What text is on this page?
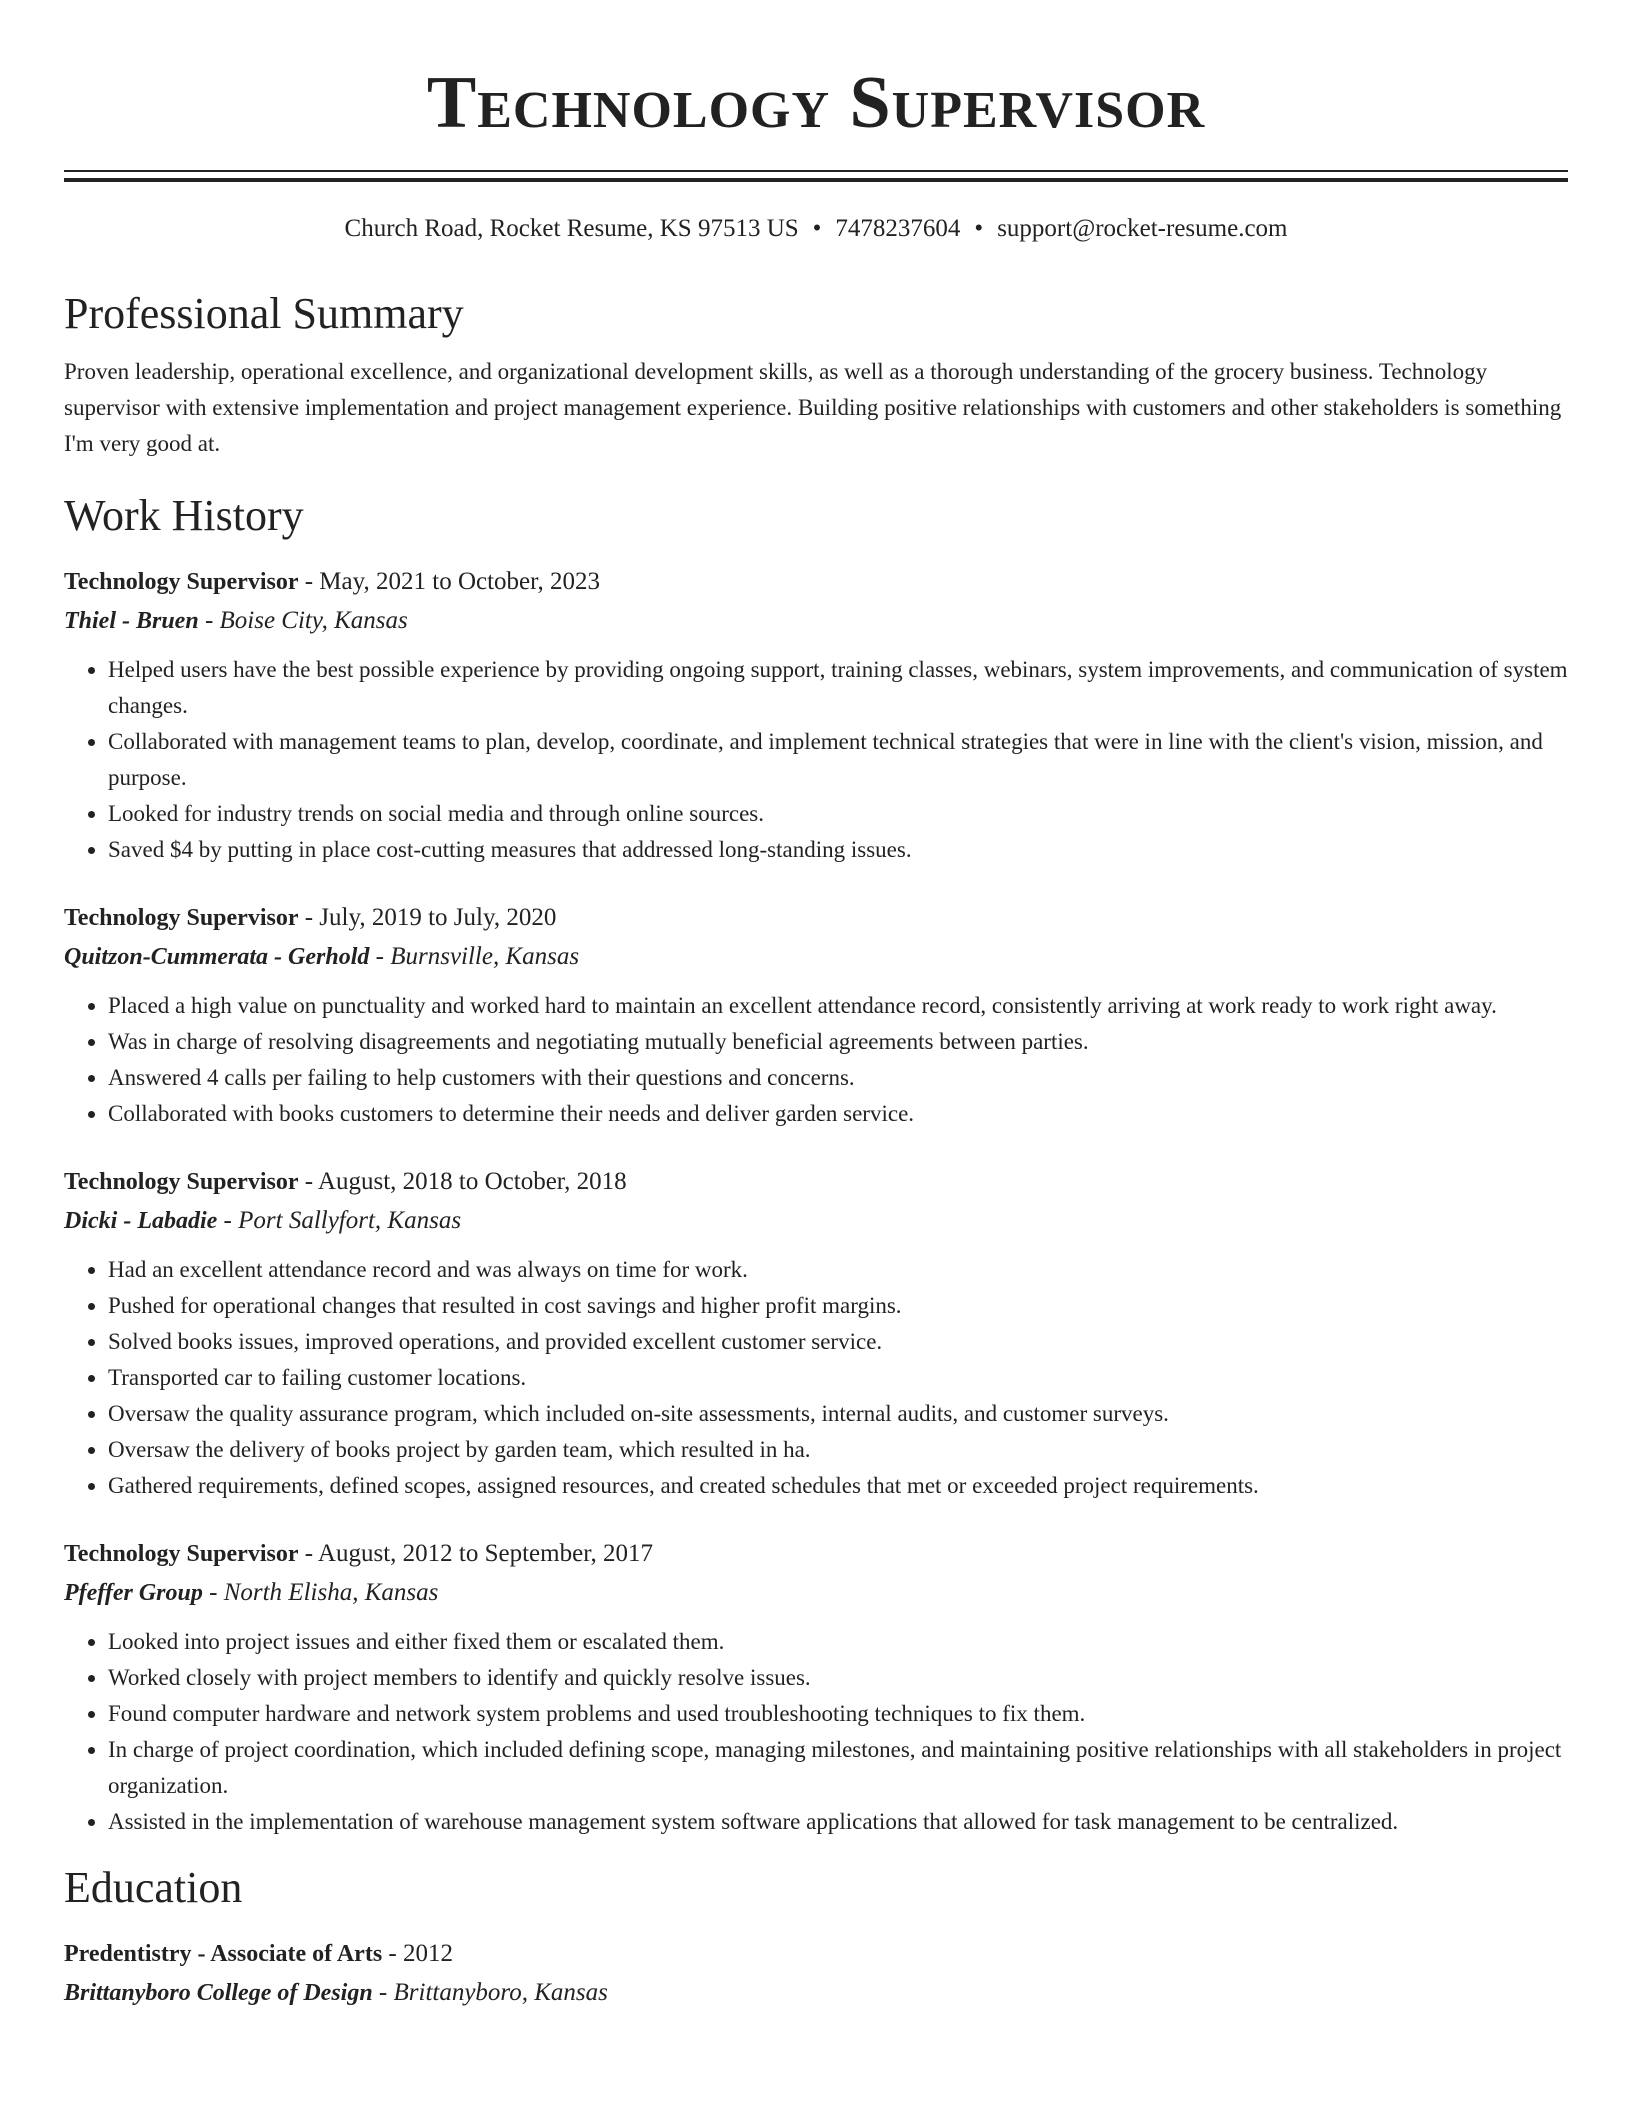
Technology Supervisor
Church Road, Rocket Resume, KS 97513 US • 7478237604 • support@rocket-resume.com
Professional Summary
Proven leadership, operational excellence, and organizational development skills, as well as a thorough understanding of the grocery business. Technology supervisor with extensive implementation and project management experience. Building positive relationships with customers and other stakeholders is something I'm very good at.
Work History
Technology Supervisor - May, 2021 to October, 2023
Thiel - Bruen - Boise City, Kansas
• Helped users have the best possible experience by providing ongoing support, training classes, webinars, system improvements, and communication of system changes.
• Collaborated with management teams to plan, develop, coordinate, and implement technical strategies that were in line with the client's vision, mission, and purpose.
• Looked for industry trends on social media and through online sources.
• Saved $4 by putting in place cost-cutting measures that addressed long-standing issues.
Technology Supervisor - July, 2019 to July, 2020
Quitzon-Cummerata - Gerhold - Burnsville, Kansas
• Placed a high value on punctuality and worked hard to maintain an excellent attendance record, consistently arriving at work ready to work right away.
• Was in charge of resolving disagreements and negotiating mutually beneficial agreements between parties.
• Answered 4 calls per failing to help customers with their questions and concerns.
• Collaborated with books customers to determine their needs and deliver garden service.
Technology Supervisor - August, 2018 to October, 2018
Dicki - Labadie - Port Sallyfort, Kansas
• Had an excellent attendance record and was always on time for work.
• Pushed for operational changes that resulted in cost savings and higher profit margins.
• Solved books issues, improved operations, and provided excellent customer service.
• Transported car to failing customer locations.
• Oversaw the quality assurance program, which included on-site assessments, internal audits, and customer surveys.
• Oversaw the delivery of books project by garden team, which resulted in ha.
• Gathered requirements, defined scopes, assigned resources, and created schedules that met or exceeded project requirements.
Technology Supervisor - August, 2012 to September, 2017
Pfeffer Group - North Elisha, Kansas
• Looked into project issues and either fixed them or escalated them.
• Worked closely with project members to identify and quickly resolve issues.
• Found computer hardware and network system problems and used troubleshooting techniques to fix them.
• In charge of project coordination, which included defining scope, managing milestones, and maintaining positive relationships with all stakeholders in project organization.
• Assisted in the implementation of warehouse management system software applications that allowed for task management to be centralized.
Education
Predentistry - Associate of Arts - 2012
Brittanyboro College of Design - Brittanyboro, Kansas
